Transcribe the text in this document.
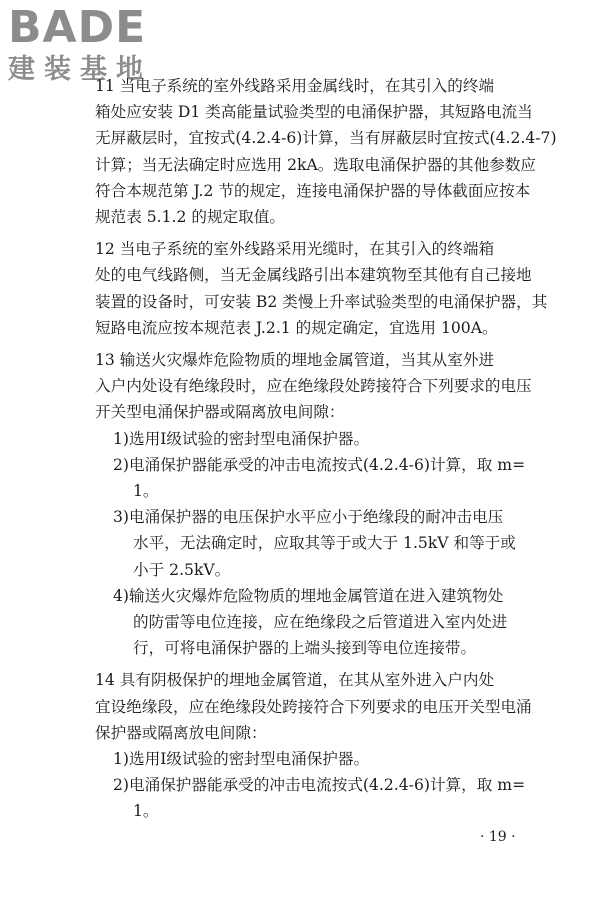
BADE
建装基地
11 当电子系统的室外线路采用金属线时，在其引入的终端
箱处应安装 D1 类高能量试验类型的电涌保护器，其短路电流当
无屏蔽层时，宜按式(4.2.4-6)计算，当有屏蔽层时宜按式(4.2.4-7)
计算；当无法确定时应选用 2kA。选取电涌保护器的其他参数应
符合本规范第 J.2 节的规定，连接电涌保护器的导体截面应按本
规范表 5.1.2 的规定取值。
12 当电子系统的室外线路采用光缆时，在其引入的终端箱
处的电气线路侧，当无金属线路引出本建筑物至其他有自己接地
装置的设备时，可安装 B2 类慢上升率试验类型的电涌保护器，其
短路电流应按本规范表 J.2.1 的规定确定，宜选用 100A。
13 输送火灾爆炸危险物质的埋地金属管道，当其从室外进
入户内处设有绝缘段时，应在绝缘段处跨接符合下列要求的电压
开关型电涌保护器或隔离放电间隙：
1)选用Ⅰ级试验的密封型电涌保护器。
2)电涌保护器能承受的冲击电流按式(4.2.4-6)计算，取 m=
1。
3)电涌保护器的电压保护水平应小于绝缘段的耐冲击电压
水平，无法确定时，应取其等于或大于 1.5kV 和等于或
小于 2.5kV。
4)输送火灾爆炸危险物质的埋地金属管道在进入建筑物处
的防雷等电位连接，应在绝缘段之后管道进入室内处进
行，可将电涌保护器的上端头接到等电位连接带。
14 具有阴极保护的埋地金属管道，在其从室外进入户内处
宜设绝缘段，应在绝缘段处跨接符合下列要求的电压开关型电涌
保护器或隔离放电间隙：
1)选用Ⅰ级试验的密封型电涌保护器。
2)电涌保护器能承受的冲击电流按式(4.2.4-6)计算，取 m=
1。
· 19 ·
